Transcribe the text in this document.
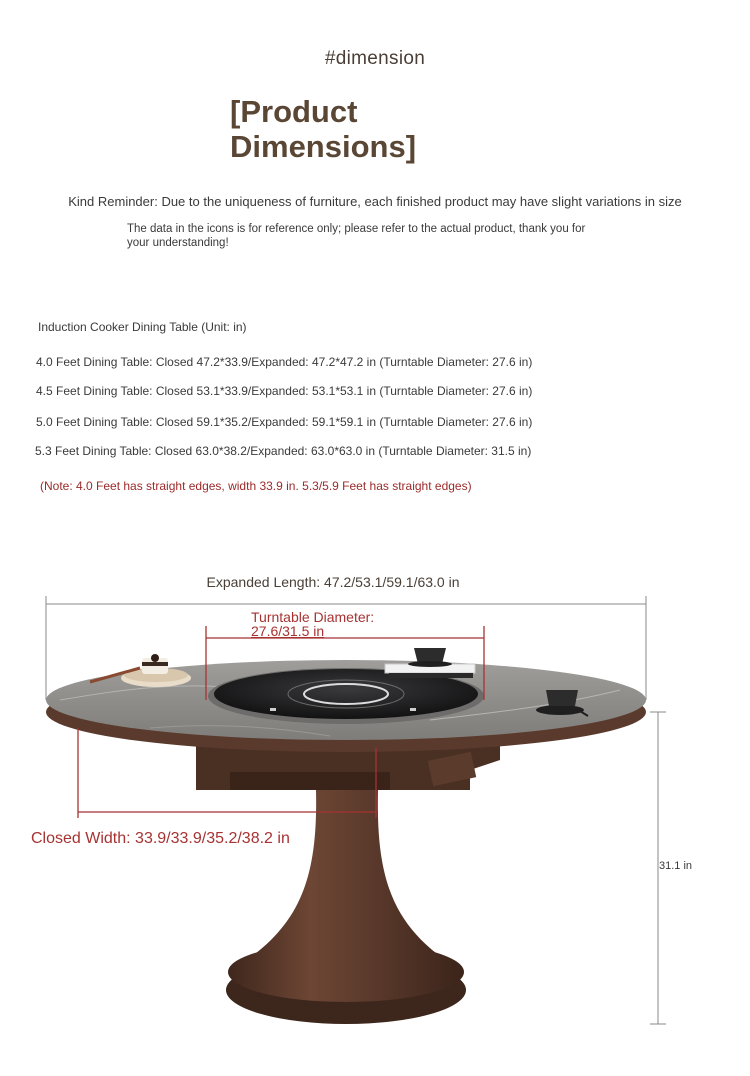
#dimension
[Product
Dimensions]
Kind Reminder: Due to the uniqueness of furniture, each finished product may have slight variations in size
The data in the icons is for reference only; please refer to the actual product, thank you for
your understanding!
Induction Cooker Dining Table (Unit: in)
4.0 Feet Dining Table: Closed 47.2*33.9/Expanded: 47.2*47.2 in (Turntable Diameter: 27.6 in)
4.5 Feet Dining Table: Closed 53.1*33.9/Expanded: 53.1*53.1 in (Turntable Diameter: 27.6 in)
5.0 Feet Dining Table: Closed 59.1*35.2/Expanded: 59.1*59.1 in (Turntable Diameter: 27.6 in)
5.3 Feet Dining Table: Closed 63.0*38.2/Expanded: 63.0*63.0 in (Turntable Diameter: 31.5 in)
(Note: 4.0 Feet has straight edges, width 33.9 in. 5.3/5.9 Feet has straight edges)
Expanded Length: 47.2/53.1/59.1/63.0 in
Turntable Diameter:
27.6/31.5 in
Closed Width: 33.9/33.9/35.2/38.2 in
31.1 in
